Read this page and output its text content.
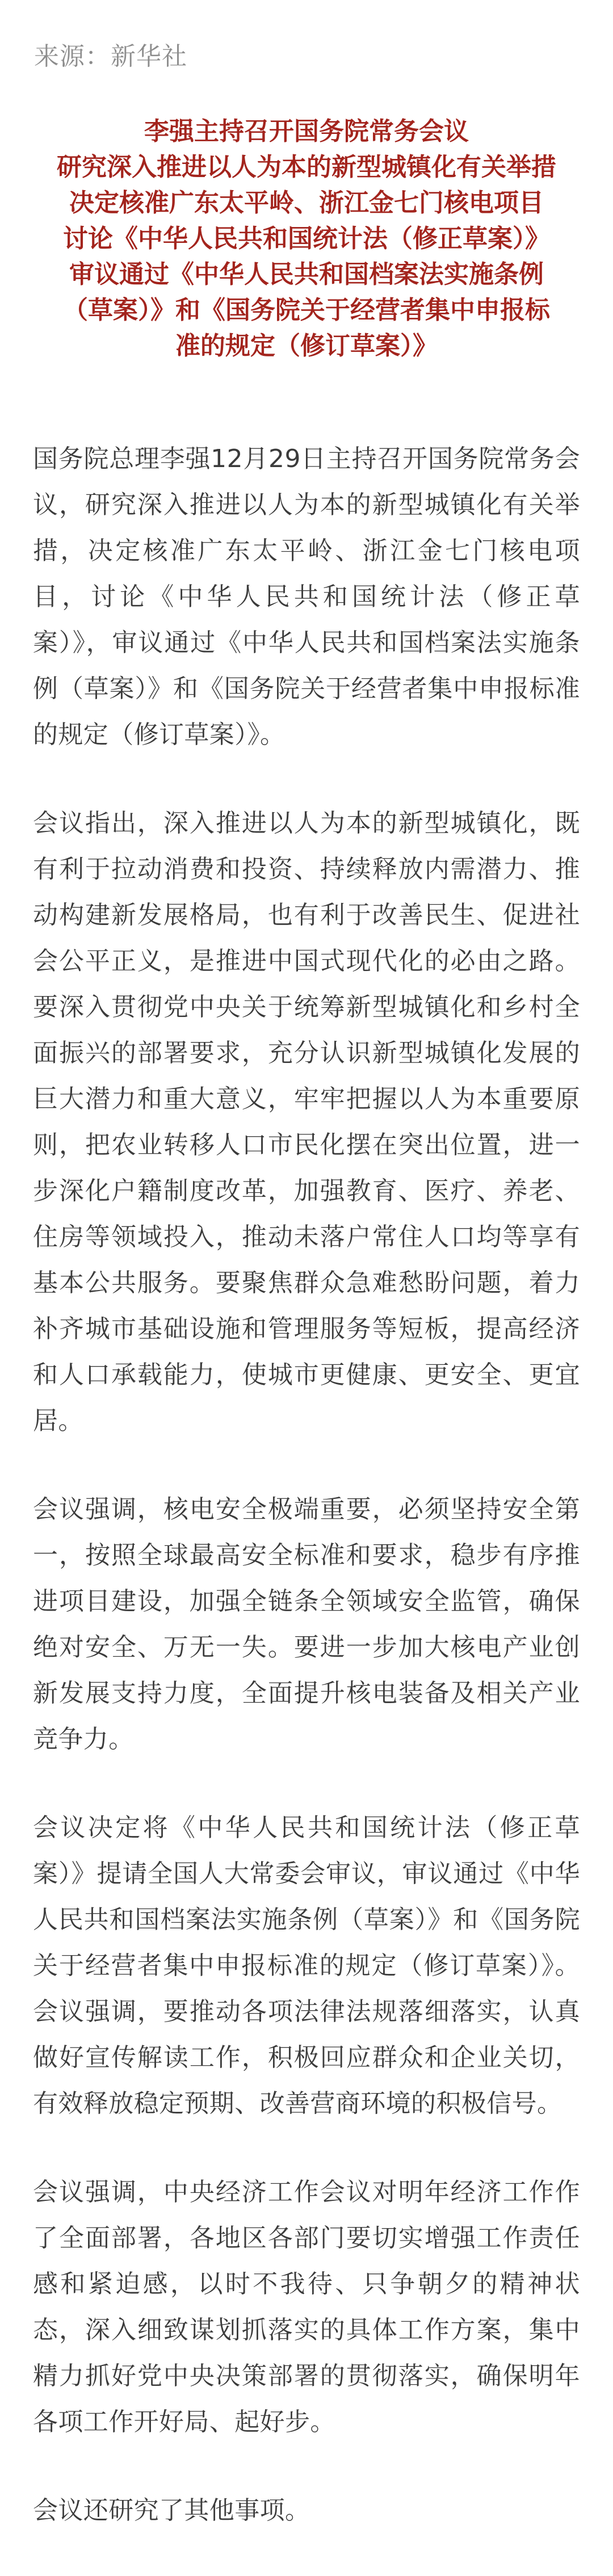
来源：新华社
李强主持召开国务院常务会议
研究深入推进以人为本的新型城镇化有关举措
决定核准广东太平岭、浙江金七门核电项目
讨论《中华人民共和国统计法（修正草案）》
审议通过《中华人民共和国档案法实施条例
（草案）》和《国务院关于经营者集中申报标
准的规定（修订草案）》

国务院总理李强12月29日主持召开国务院常务会议，研究深入推进以人为本的新型城镇化有关举措，决定核准广东太平岭、浙江金七门核电项目，讨论《中华人民共和国统计法（修正草案）》，审议通过《中华人民共和国档案法实施条例（草案）》和《国务院关于经营者集中申报标准的规定（修订草案）》。

会议指出，深入推进以人为本的新型城镇化，既有利于拉动消费和投资、持续释放内需潜力、推动构建新发展格局，也有利于改善民生、促进社会公平正义，是推进中国式现代化的必由之路。要深入贯彻党中央关于统筹新型城镇化和乡村全面振兴的部署要求，充分认识新型城镇化发展的巨大潜力和重大意义，牢牢把握以人为本重要原则，把农业转移人口市民化摆在突出位置，进一步深化户籍制度改革，加强教育、医疗、养老、住房等领域投入，推动未落户常住人口均等享有基本公共服务。要聚焦群众急难愁盼问题，着力补齐城市基础设施和管理服务等短板，提高经济和人口承载能力，使城市更健康、更安全、更宜居。

会议强调，核电安全极端重要，必须坚持安全第一，按照全球最高安全标准和要求，稳步有序推进项目建设，加强全链条全领域安全监管，确保绝对安全、万无一失。要进一步加大核电产业创新发展支持力度，全面提升核电装备及相关产业竞争力。

会议决定将《中华人民共和国统计法（修正草案）》提请全国人大常委会审议，审议通过《中华人民共和国档案法实施条例（草案）》和《国务院关于经营者集中申报标准的规定（修订草案）》。会议强调，要推动各项法律法规落细落实，认真做好宣传解读工作，积极回应群众和企业关切，有效释放稳定预期、改善营商环境的积极信号。

会议强调，中央经济工作会议对明年经济工作作了全面部署，各地区各部门要切实增强工作责任感和紧迫感，以时不我待、只争朝夕的精神状态，深入细致谋划抓落实的具体工作方案，集中精力抓好党中央决策部署的贯彻落实，确保明年各项工作开好局、起好步。

会议还研究了其他事项。
